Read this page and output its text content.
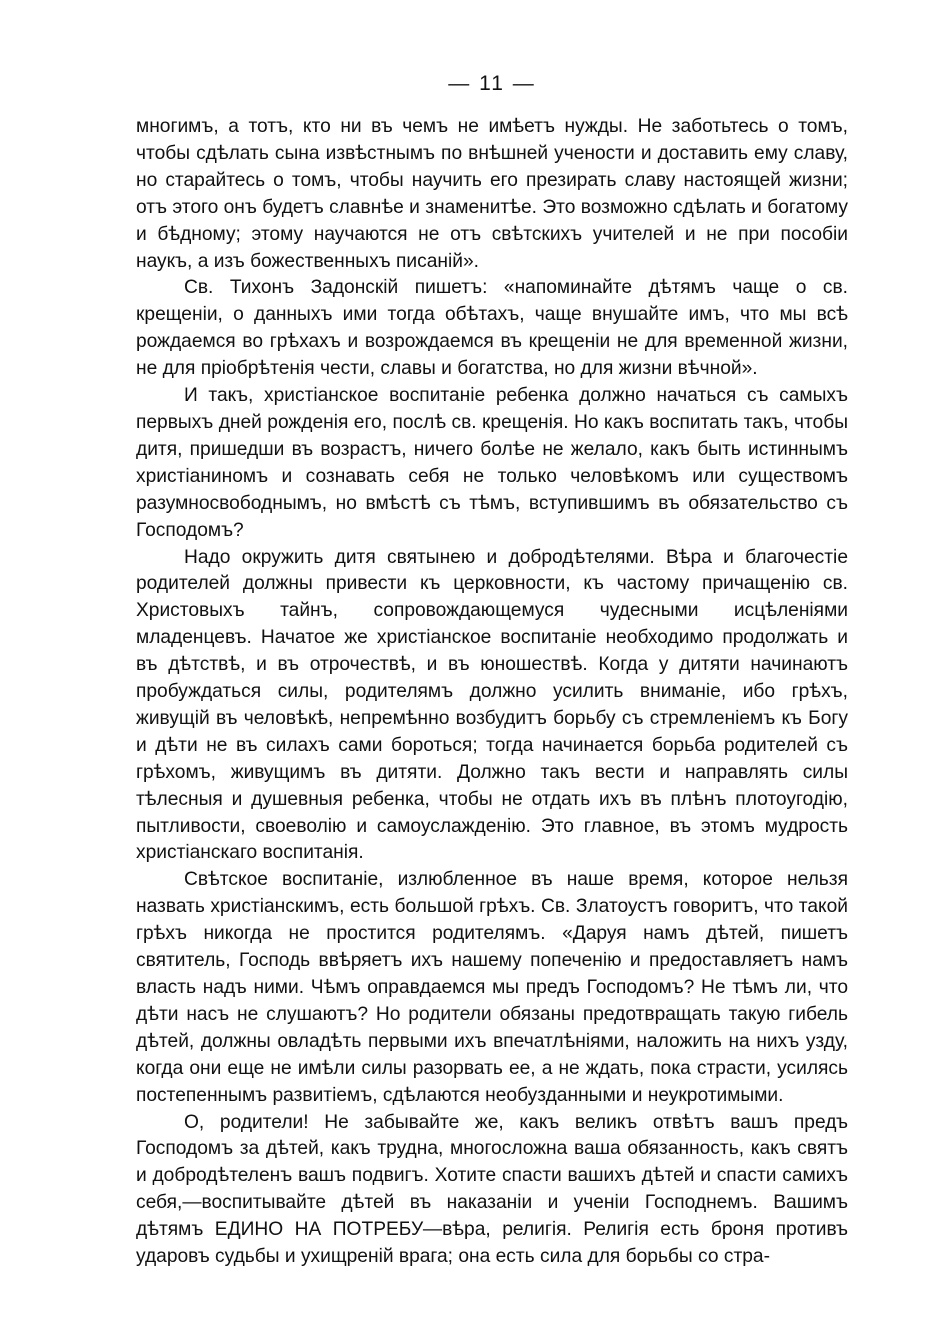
— 11 —

многимъ, а тотъ, кто ни въ чемъ не имѣетъ нужды. Не заботьтесь о томъ, чтобы сдѣлать сына извѣстнымъ по внѣшней учености и доставить ему славу, но старайтесь о томъ, чтобы научить его презирать славу настоящей жизни; отъ этого онъ будетъ славнѣе и знаменитѣе. Это возможно сдѣлать и богатому и бѣдному; этому научаются не отъ свѣтскихъ учителей и не при пособіи наукъ, а изъ божественныхъ писаній».

Св. Тихонъ Задонскій пишетъ: «напоминайте дѣтямъ чаще о св. крещеніи, о данныхъ ими тогда обѣтахъ, чаще внушайте имъ, что мы всѣ рождаемся во грѣхахъ и возрождаемся въ крещеніи не для временной жизни, не для пріобрѣтенія чести, славы и богатства, но для жизни вѣчной».

И такъ, христіанское воспитаніе ребенка должно начаться съ самыхъ первыхъ дней рожденія его, послѣ св. крещенія. Но какъ воспитать такъ, чтобы дитя, пришедши въ возрастъ, ничего болѣе не желало, какъ быть истиннымъ христіаниномъ и сознавать себя не только человѣкомъ или существомъ разумносвободнымъ, но вмѣстѣ съ тѣмъ, вступившимъ въ обязательство съ Господомъ?

Надо окружить дитя святынею и добродѣтелями. Вѣра и благочестіе родителей должны привести къ церковности, къ частому причащенію св. Христовыхъ тайнъ, сопровождающемуся чудесными исцѣленіями младенцевъ. Начатое же христіанское воспитаніе необходимо продолжать и въ дѣтствѣ, и въ отрочествѣ, и въ юношествѣ. Когда у дитяти начинаютъ пробуждаться силы, родителямъ должно усилить вниманіе, ибо грѣхъ, живущій въ человѣкѣ, непремѣнно возбудитъ борьбу съ стремленіемъ къ Богу и дѣти не въ силахъ сами бороться; тогда начинается борьба родителей съ грѣхомъ, живущимъ въ дитяти. Должно такъ вести и направлять силы тѣлесныя и душевныя ребенка, чтобы не отдать ихъ въ плѣнъ плотоугодію, пытливости, своеволію и самоуслажденію. Это главное, въ этомъ мудрость христіанскаго воспитанія.

Свѣтское воспитаніе, излюбленное въ наше время, которое нельзя назвать христіанскимъ, есть большой грѣхъ. Св. Златоустъ говоритъ, что такой грѣхъ никогда не простится родителямъ. «Даруя намъ дѣтей, пишетъ святитель, Господь ввѣряетъ ихъ нашему попеченію и предоставляетъ намъ власть надъ ними. Чѣмъ оправдаемся мы предъ Господомъ? Не тѣмъ ли, что дѣти насъ не слушаютъ? Но родители обязаны предотвращать такую гибель дѣтей, должны овладѣть первыми ихъ впечатлѣніями, наложить на нихъ узду, когда они еще не имѣли силы разорвать ее, а не ждать, пока страсти, усилясь постепеннымъ развитіемъ, сдѣлаются необузданными и неукротимыми.

О, родители! Не забывайте же, какъ великъ отвѣтъ вашъ предъ Господомъ за дѣтей, какъ трудна, многосложна ваша обязанность, какъ святъ и добродѣтеленъ вашъ подвигъ. Хотите спасти вашихъ дѣтей и спасти самихъ себя,—воспитывайте дѣтей въ наказаніи и ученіи Господнемъ. Вашимъ дѣтямъ ЕДИНО НА ПОТРЕБУ—вѣра, религія. Религія есть броня противъ ударовъ судьбы и ухищреній врага; она есть сила для борьбы со стра-
